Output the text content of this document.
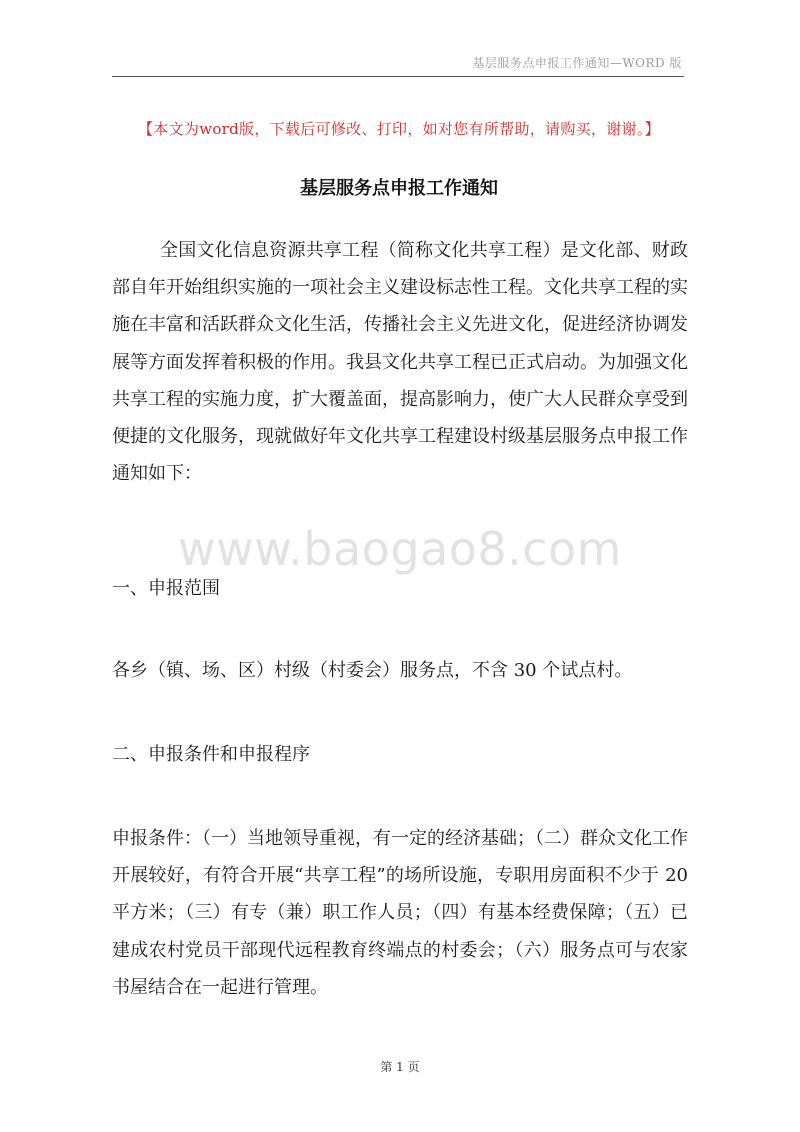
基层服务点申报工作通知—WORD 版
【本文为word版，下载后可修改、打印，如对您有所帮助，请购买，谢谢。】
基层服务点申报工作通知
全国文化信息资源共享工程（简称文化共享工程）是文化部、财政部自年开始组织实施的一项社会主义建设标志性工程。文化共享工程的实施在丰富和活跃群众文化生活，传播社会主义先进文化，促进经济协调发展等方面发挥着积极的作用。我县文化共享工程已正式启动。为加强文化共享工程的实施力度，扩大覆盖面，提高影响力，使广大人民群众享受到便捷的文化服务，现就做好年文化共享工程建设村级基层服务点申报工作通知如下：
www.baogao8.com
一、申报范围
各乡（镇、场、区）村级（村委会）服务点，不含 30 个试点村。
二、申报条件和申报程序
申报条件：（一）当地领导重视，有一定的经济基础；（二）群众文化工作开展较好，有符合开展“共享工程”的场所设施，专职用房面积不少于 20 平方米；（三）有专（兼）职工作人员；（四）有基本经费保障；（五）已建成农村党员干部现代远程教育终端点的村委会；（六）服务点可与农家书屋结合在一起进行管理。
第 1 页
